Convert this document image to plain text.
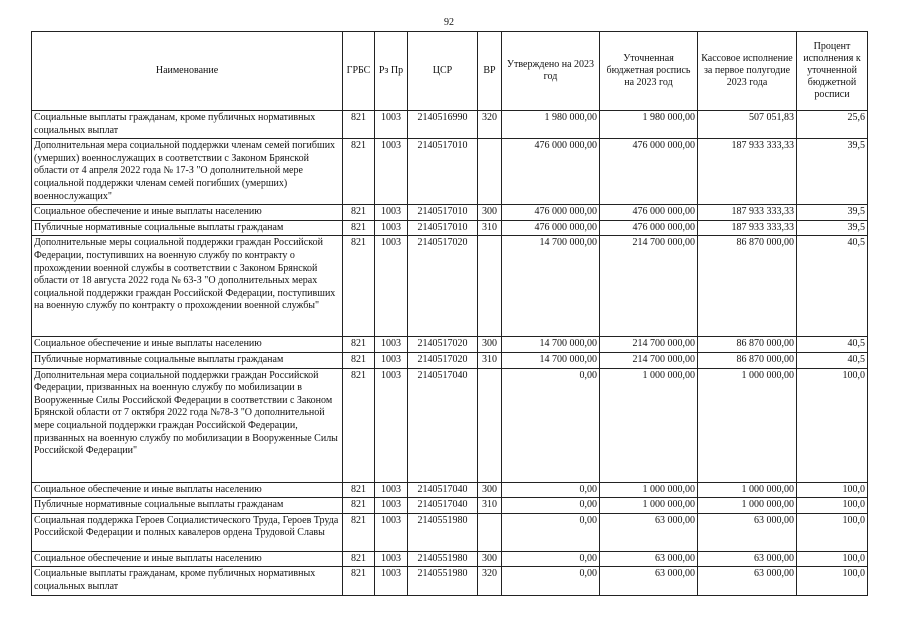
92
Наименование	ГРБС	Рз Пр	ЦСР	ВР	Утверждено на 2023 год	Уточненная бюджетная роспись на 2023 год	Кассовое исполнение за первое полугодие 2023 года	Процент исполнения к уточненной бюджетной росписи
Социальные выплаты гражданам, кроме публичных нормативных социальных выплат	821	1003	2140516990	320	1 980 000,00	1 980 000,00	507 051,83	25,6
Дополнительная мера социальной поддержки членам семей погибших (умерших) военнослужащих в соответствии с Законом Брянской области от 4 апреля 2022 года № 17-З "О дополнительной мере социальной поддержки членам семей погибших (умерших) военнослужащих"	821	1003	2140517010		476 000 000,00	476 000 000,00	187 933 333,33	39,5
Социальное обеспечение и иные выплаты населению	821	1003	2140517010	300	476 000 000,00	476 000 000,00	187 933 333,33	39,5
Публичные нормативные социальные выплаты гражданам	821	1003	2140517010	310	476 000 000,00	476 000 000,00	187 933 333,33	39,5
Дополнительные меры социальной поддержки граждан Российской Федерации, поступивших на военную службу по контракту о прохождении военной службы в соответствии с Законом Брянской области от 18 августа 2022 года № 63-З "О дополнительных мерах социальной поддержки граждан Российской Федерации, поступивших на военную службу по контракту о прохождении военной службы"	821	1003	2140517020		14 700 000,00	214 700 000,00	86 870 000,00	40,5
Социальное обеспечение и иные выплаты населению	821	1003	2140517020	300	14 700 000,00	214 700 000,00	86 870 000,00	40,5
Публичные нормативные социальные выплаты гражданам	821	1003	2140517020	310	14 700 000,00	214 700 000,00	86 870 000,00	40,5
Дополнительная мера социальной поддержки граждан Российской Федерации, призванных на военную службу по мобилизации в Вооруженные Силы Российской Федерации в соответствии с Законом Брянской области от 7 октября 2022 года №78-З "О дополнительной мере социальной поддержки граждан Российской Федерации, призванных на военную службу по мобилизации в Вооруженные Силы Российской Федерации"	821	1003	2140517040		0,00	1 000 000,00	1 000 000,00	100,0
Социальное обеспечение и иные выплаты населению	821	1003	2140517040	300	0,00	1 000 000,00	1 000 000,00	100,0
Публичные нормативные социальные выплаты гражданам	821	1003	2140517040	310	0,00	1 000 000,00	1 000 000,00	100,0
Социальная поддержка Героев Социалистического Труда, Героев Труда Российской Федерации и полных кавалеров ордена Трудовой Славы	821	1003	2140551980		0,00	63 000,00	63 000,00	100,0
Социальное обеспечение и иные выплаты населению	821	1003	2140551980	300	0,00	63 000,00	63 000,00	100,0
Социальные выплаты гражданам, кроме публичных нормативных социальных выплат	821	1003	2140551980	320	0,00	63 000,00	63 000,00	100,0
